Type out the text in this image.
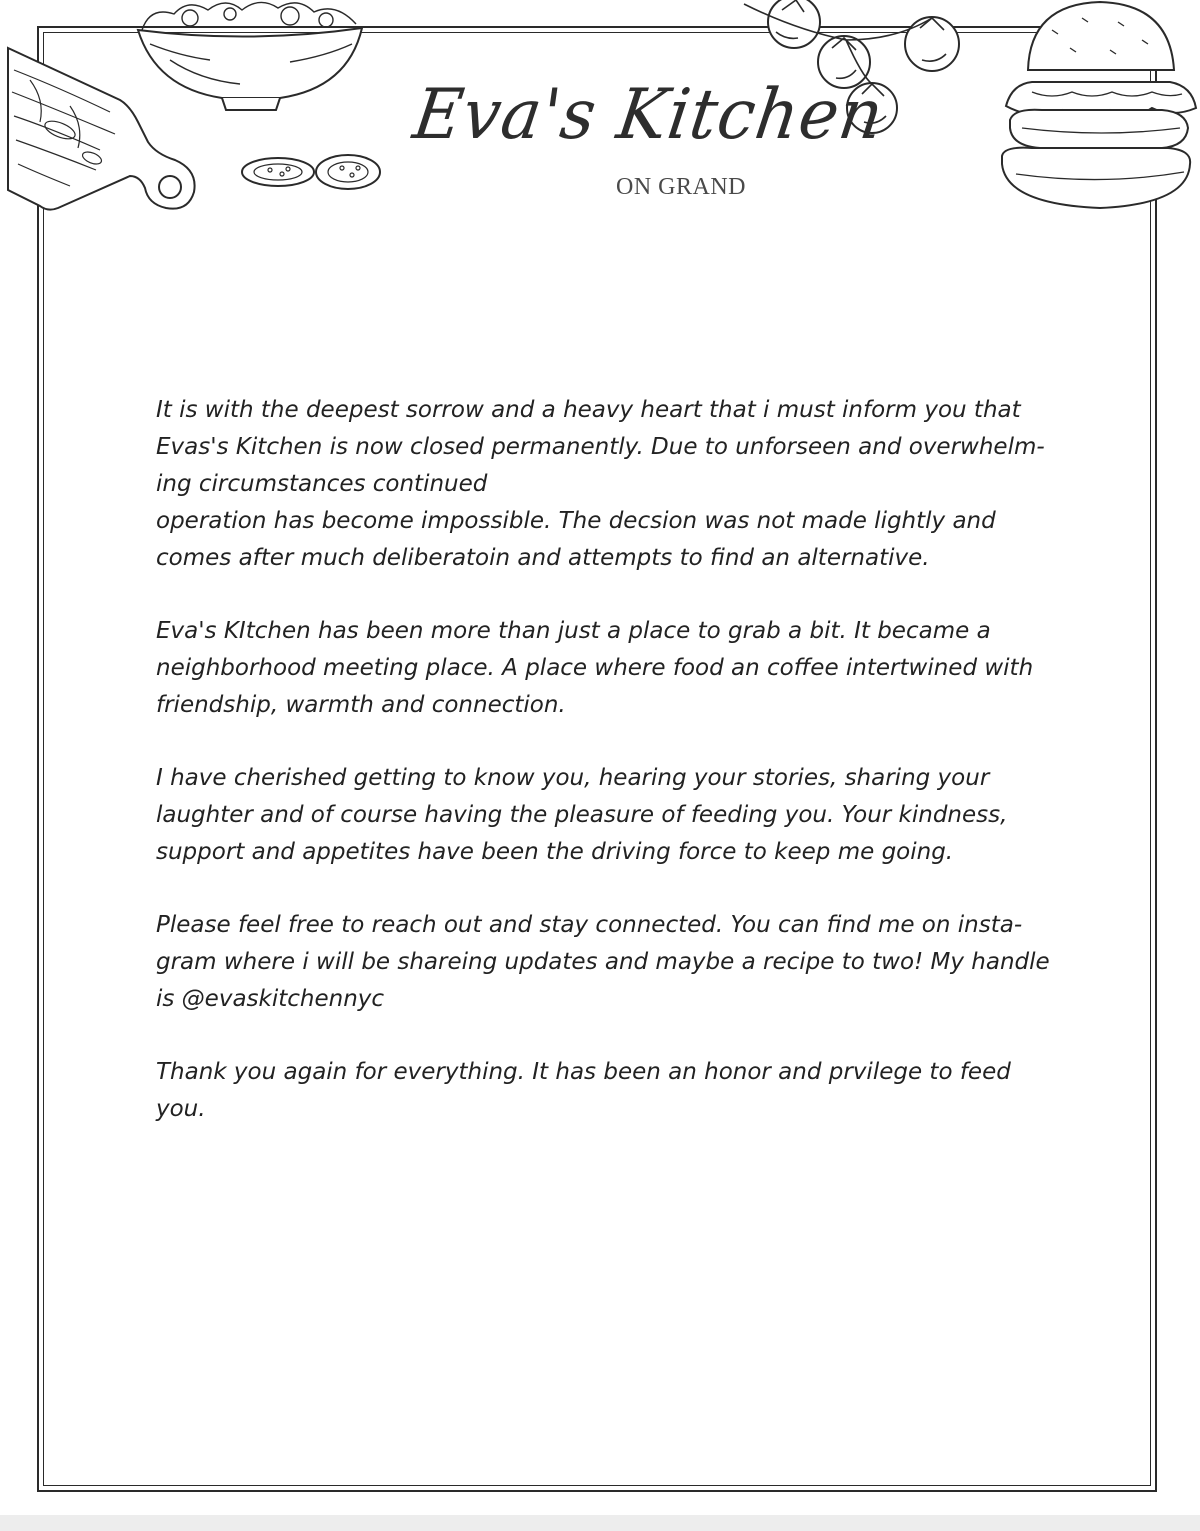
Eva's Kitchen
ON GRAND

It is with the deepest sorrow and a heavy heart that i must inform you that
Evas's Kitchen is now closed permanently. Due to unforseen and overwhelm-
ing circumstances continued
operation has become impossible. The decsion was not made lightly and
comes after much deliberatoin and attempts to find an alternative.

Eva's KItchen has been more than just a place to grab a bit. It became a
neighborhood meeting place. A place where food an coffee intertwined with
friendship, warmth and connection.

I have cherished getting to know you, hearing your stories, sharing your
laughter and of course having the pleasure of feeding you. Your kindness,
support and appetites have been the driving force to keep me going.

Please feel free to reach out and stay connected. You can find me on insta-
gram where i will be shareing updates and maybe a recipe to two! My handle
is @evaskitchennyc

Thank you again for everything. It has been an honor and prvilege to feed
you.
